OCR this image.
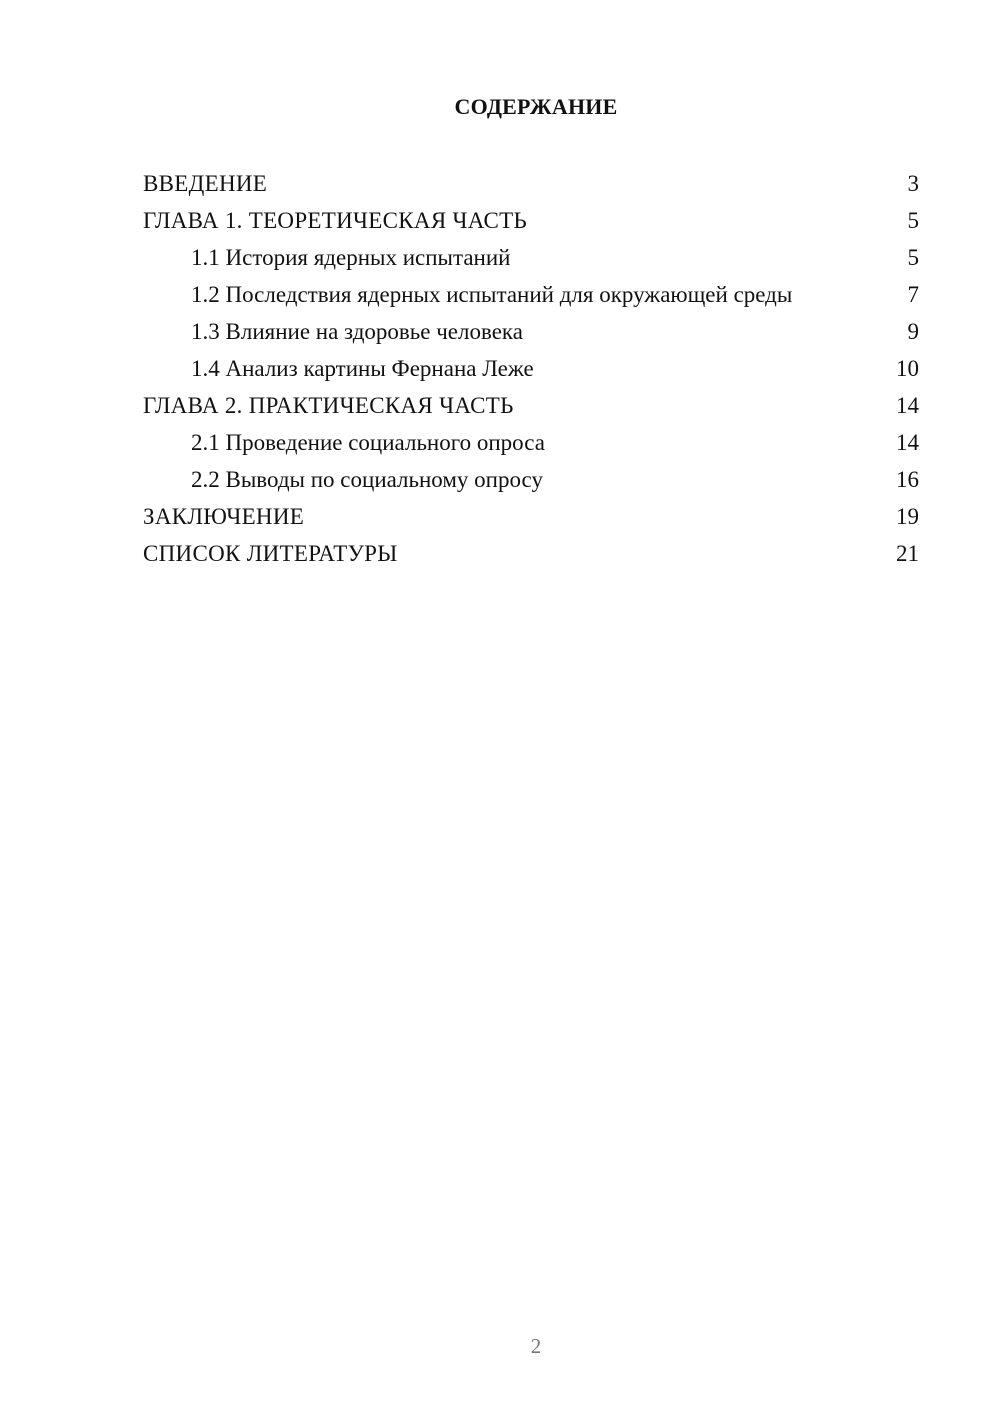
СОДЕРЖАНИЕ
ВВЕДЕНИЕ	3
ГЛАВА 1. ТЕОРЕТИЧЕСКАЯ ЧАСТЬ	5
1.1 История ядерных испытаний	5
1.2 Последствия ядерных испытаний для окружающей среды	7
1.3 Влияние на здоровье человека	9
1.4 Анализ картины Фернана Леже	10
ГЛАВА 2. ПРАКТИЧЕСКАЯ ЧАСТЬ	14
2.1 Проведение социального опроса	14
2.2 Выводы по социальному опросу	16
ЗАКЛЮЧЕНИЕ	19
СПИСОК ЛИТЕРАТУРЫ	21
2
